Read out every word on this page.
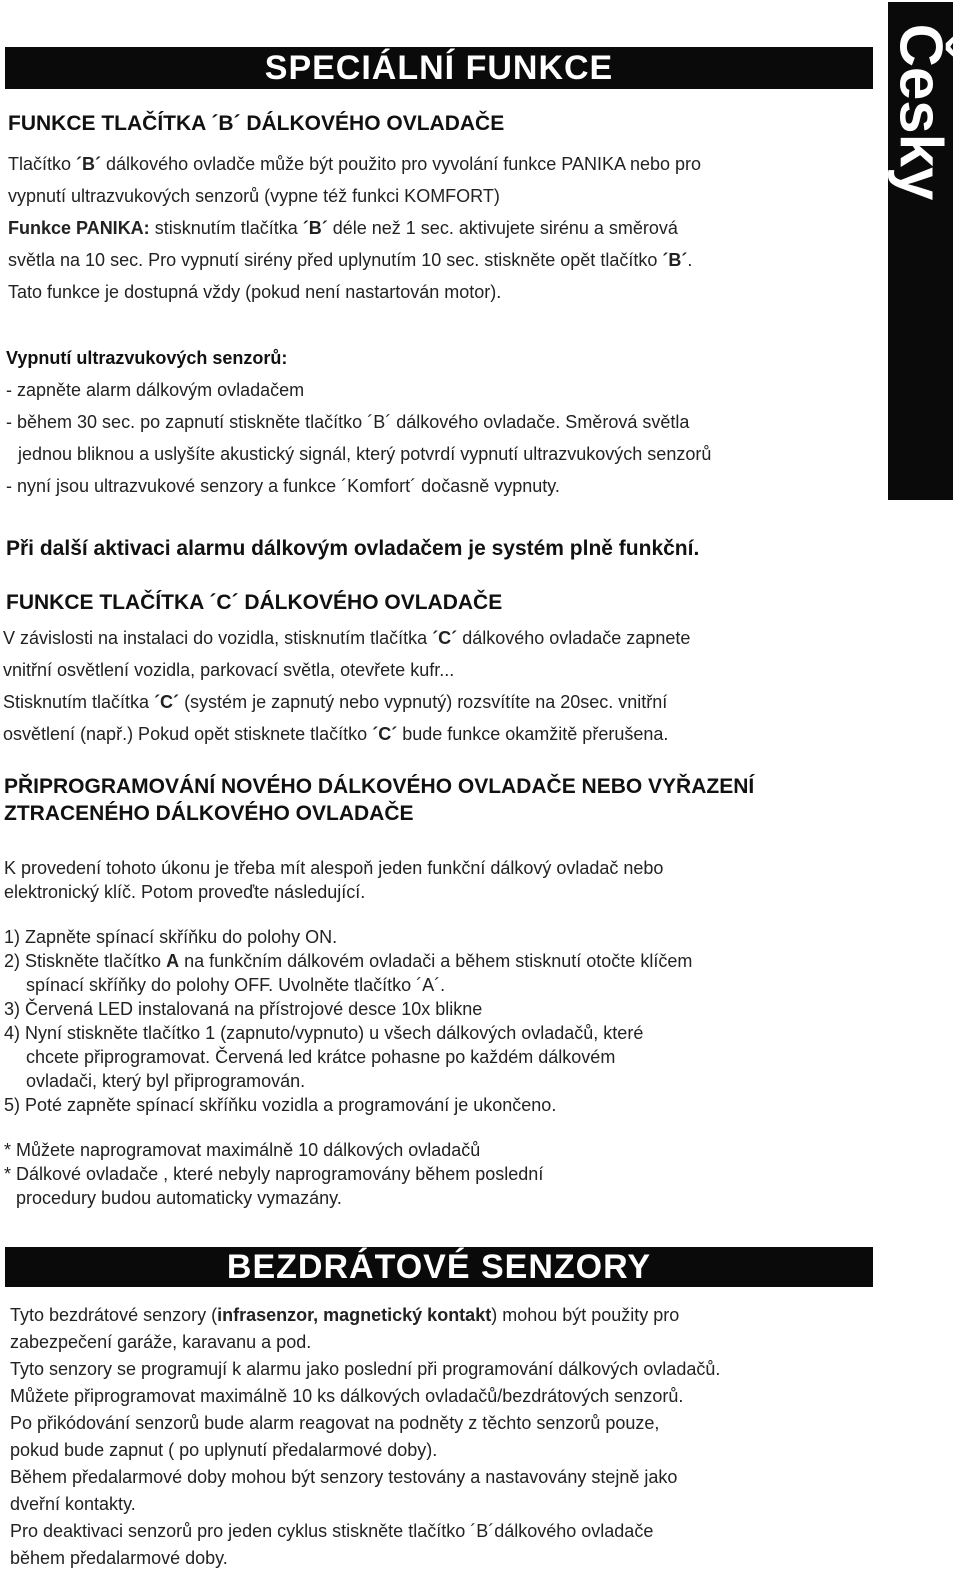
SPECIÁLNÍ FUNKCE	Česky
FUNKCE TLAČÍTKA ´B´ DÁLKOVÉHO OVLADAČE
Tlačítko ´B´ dálkového ovladče může být použito pro vyvolání funkce PANIKA nebo pro
vypnutí ultrazvukových senzorů (vypne též funkci KOMFORT)
Funkce PANIKA: stisknutím tlačítka ´B´ déle než 1 sec. aktivujete sirénu a směrová
světla na 10 sec. Pro vypnutí sirény před uplynutím 10 sec. stiskněte opět tlačítko ´B´.
Tato funkce je dostupná vždy (pokud není nastartován motor).
Vypnutí ultrazvukových senzorů:
- zapněte alarm dálkovým ovladačem
- během 30 sec. po zapnutí stiskněte tlačítko ´B´ dálkového ovladače. Směrová světla
jednou bliknou a uslyšíte akustický signál, který potvrdí vypnutí ultrazvukových senzorů
- nyní jsou ultrazvukové senzory a funkce ´Komfort´ dočasně vypnuty.
Při další aktivaci alarmu dálkovým ovladačem je systém plně funkční.
FUNKCE TLAČÍTKA ´C´ DÁLKOVÉHO OVLADAČE
V závislosti na instalaci do vozidla, stisknutím tlačítka ´C´ dálkového ovladače zapnete
vnitřní osvětlení vozidla, parkovací světla, otevřete kufr...
Stisknutím tlačítka ´C´ (systém je zapnutý nebo vypnutý) rozsvítíte na 20sec. vnitřní
osvětlení (např.) Pokud opět stisknete tlačítko ´C´ bude funkce okamžitě přerušena.
PŘIPROGRAMOVÁNÍ NOVÉHO DÁLKOVÉHO OVLADAČE NEBO VYŘAZENÍ
ZTRACENÉHO DÁLKOVÉHO OVLADAČE
K provedení tohoto úkonu je třeba mít alespoň jeden funkční dálkový ovladač nebo
elektronický klíč. Potom proveďte následující.
1) Zapněte spínací skříňku do polohy ON.
2) Stiskněte tlačítko A na funkčním dálkovém ovladači a během stisknutí otočte klíčem
spínací skříňky do polohy OFF. Uvolněte tlačítko ´A´.
3) Červená LED instalovaná na přístrojové desce 10x blikne
4) Nyní stiskněte tlačítko 1 (zapnuto/vypnuto) u všech dálkových ovladačů, které
chcete připrogramovat. Červená led krátce pohasne po každém dálkovém
ovladači, který byl připrogramován.
5) Poté zapněte spínací skříňku vozidla a programování je ukončeno.
* Můžete naprogramovat maximálně 10 dálkových ovladačů
* Dálkové ovladače , které nebyly naprogramovány během poslední
procedury budou automaticky vymazány.
BEZDRÁTOVÉ SENZORY
Tyto bezdrátové senzory (infrasenzor, magnetický kontakt) mohou být použity pro
zabezpečení garáže, karavanu a pod.
Tyto senzory se programují k alarmu jako poslední při programování dálkových ovladačů.
Můžete připrogramovat maximálně 10 ks dálkových ovladačů/bezdrátových senzorů.
Po přikódování senzorů bude alarm reagovat na podněty z těchto senzorů pouze,
pokud bude zapnut ( po uplynutí předalarmové doby).
Během předalarmové doby mohou být senzory testovány a nastavovány stejně jako
dveřní kontakty.
Pro deaktivaci senzorů pro jeden cyklus stiskněte tlačítko ´B´dálkového ovladače
během předalarmové doby.
